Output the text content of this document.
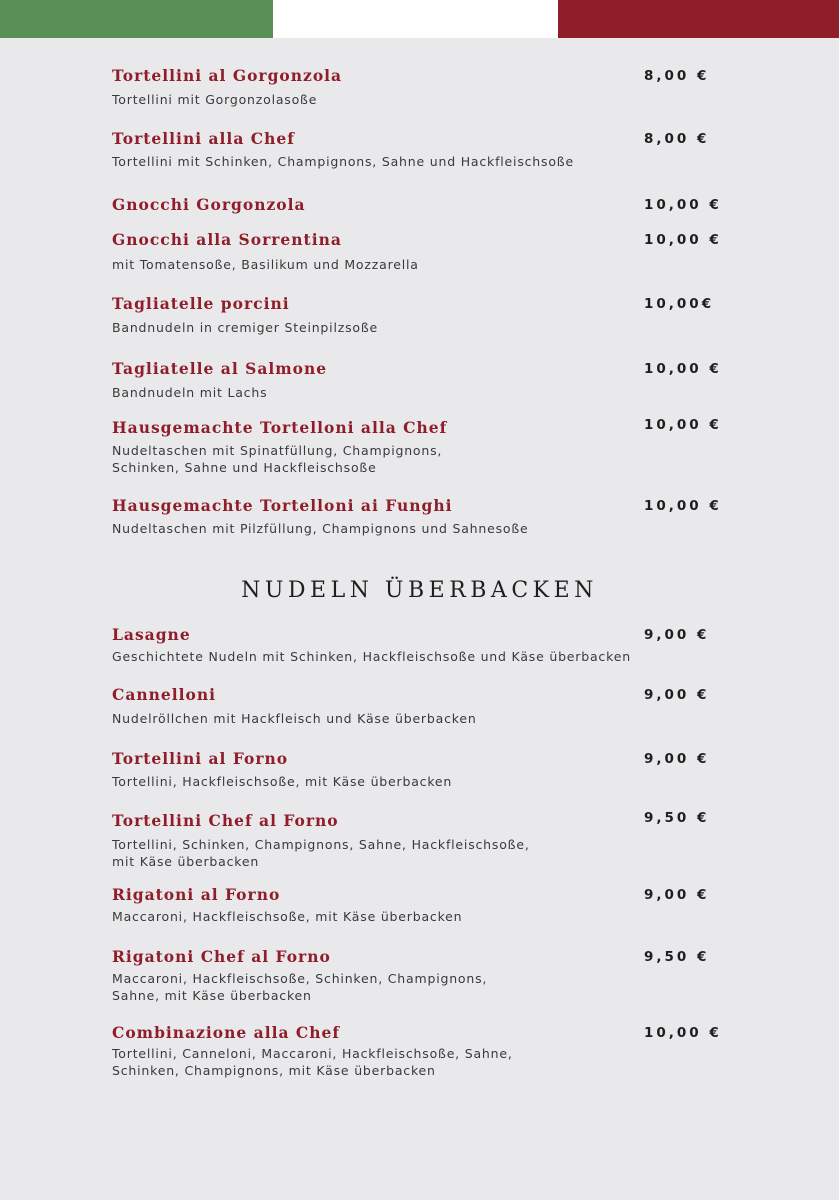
Tortellini al Gorgonzola
Tortellini mit Gorgonzolasoße
8,00 €
Tortellini alla Chef
Tortellini mit Schinken, Champignons, Sahne und Hackfleischsoße
8,00 €
Gnocchi Gorgonzola	10,00 €
Gnocchi alla Sorrentina
mit Tomatensoße, Basilikum und Mozzarella
10,00 €
Tagliatelle porcini
Bandnudeln in cremiger Steinpilzsoße
10,00€
Tagliatelle al Salmone
Bandnudeln mit Lachs
10,00 €
Hausgemachte Tortelloni alla Chef
Nudeltaschen mit Spinatfüllung, Champignons,
Schinken, Sahne und Hackfleischsoße
10,00 €
Hausgemachte Tortelloni ai Funghi
Nudeltaschen mit Pilzfüllung, Champignons und Sahnesoße
10,00 €
NUDELN ÜBERBACKEN
Lasagne
Geschichtete Nudeln mit Schinken, Hackfleischsoße und Käse überbacken
9,00 €
Cannelloni
Nudelröllchen mit Hackfleisch und Käse überbacken
9,00 €
Tortellini al Forno
Tortellini, Hackfleischsoße, mit Käse überbacken
9,00 €
Tortellini Chef al Forno
Tortellini, Schinken, Champignons, Sahne, Hackfleischsoße,
mit Käse überbacken
9,50 €
Rigatoni al Forno
Maccaroni, Hackfleischsoße, mit Käse überbacken
9,00 €
Rigatoni Chef al Forno
Maccaroni, Hackfleischsoße, Schinken, Champignons,
Sahne, mit Käse überbacken
9,50 €
Combinazione alla Chef
Tortellini, Canneloni, Maccaroni, Hackfleischsoße, Sahne,
Schinken, Champignons, mit Käse überbacken
10,00 €
